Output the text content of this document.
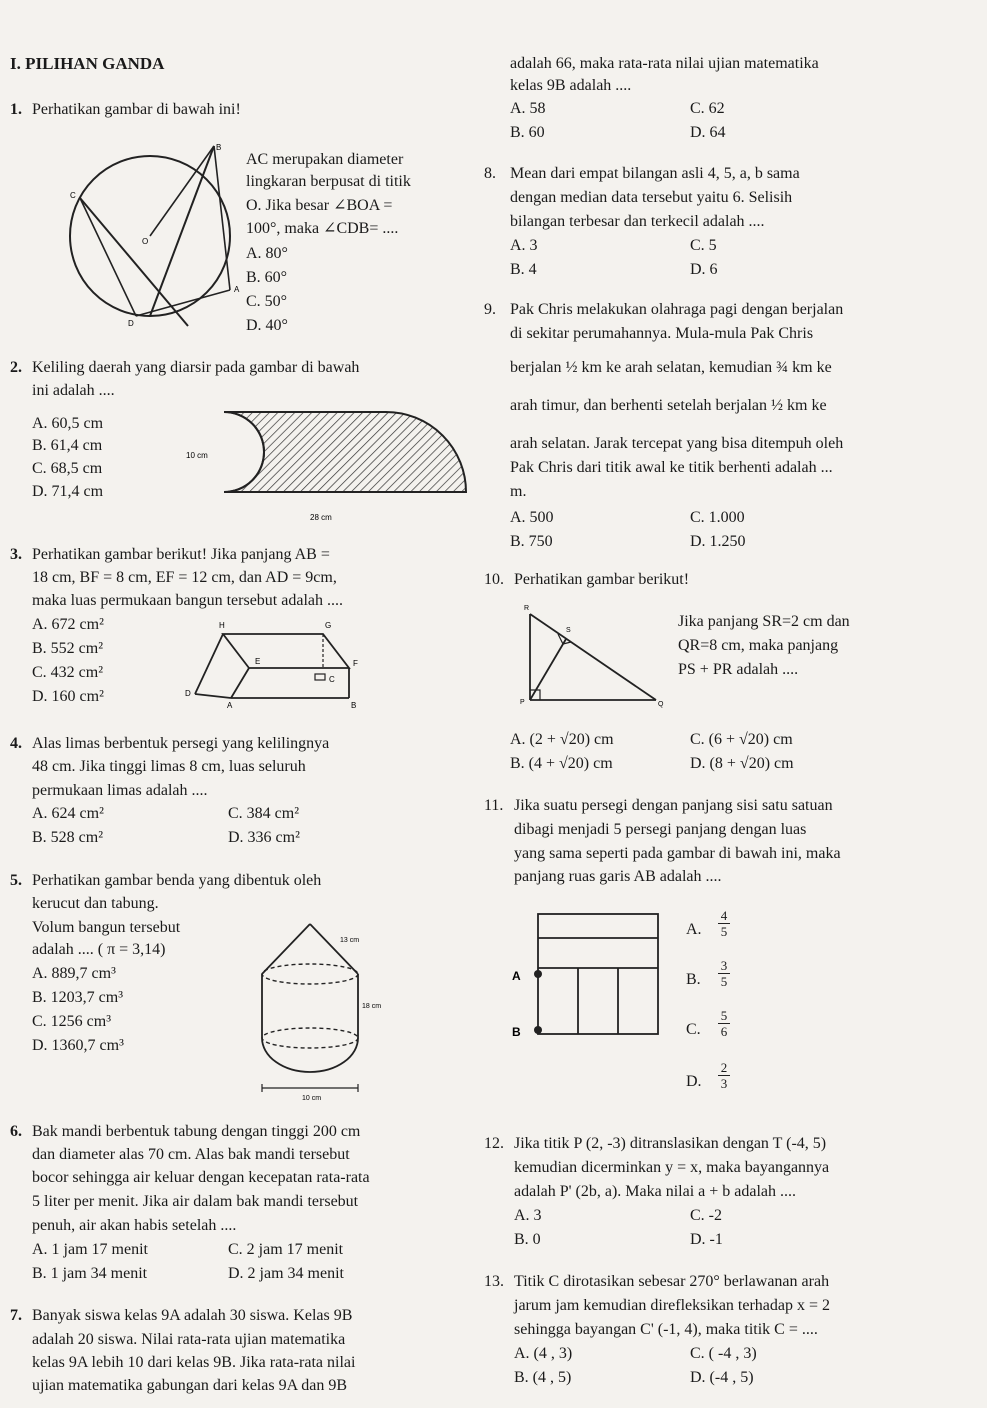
I. PILIHAN GANDA
1. Perhatikan gambar di bawah ini!
B
C
O
A
D
AC merupakan diameter
lingkaran berpusat di titik
O. Jika besar ∠BOA =
100°, maka ∠CDB= ....
A. 80°
B. 60°
C. 50°
D. 40°
2. Keliling daerah yang diarsir pada gambar di bawah
ini adalah ....
A. 60,5 cm
B. 61,4 cm
C. 68,5 cm
D. 71,4 cm
10 cm
28 cm
3. Perhatikan gambar berikut! Jika panjang AB =
18 cm, BF = 8 cm, EF = 12 cm, dan AD = 9cm,
maka luas permukaan bangun tersebut adalah ....
A. 672 cm²
B. 552 cm²
C. 432 cm²
D. 160 cm²
H	G
E	F
D
C
A	B
4. Alas limas berbentuk persegi yang kelilingnya
48 cm. Jika tinggi limas 8 cm, luas seluruh
permukaan limas adalah ....
A. 624 cm²	C. 384 cm²
B. 528 cm²	D. 336 cm²
5. Perhatikan gambar benda yang dibentuk oleh
kerucut dan tabung.
Volum bangun tersebut
adalah .... ( π = 3,14)
A. 889,7 cm³
B. 1203,7 cm³
C. 1256 cm³
D. 1360,7 cm³
13 cm
18 cm
10 cm
6. Bak mandi berbentuk tabung dengan tinggi 200 cm
dan diameter alas 70 cm. Alas bak mandi tersebut
bocor sehingga air keluar dengan kecepatan rata-rata
5 liter per menit. Jika air dalam bak mandi tersebut
penuh, air akan habis setelah ....
A. 1 jam 17 menit	C. 2 jam 17 menit
B. 1 jam 34 menit	D. 2 jam 34 menit
7. Banyak siswa kelas 9A adalah 30 siswa. Kelas 9B
adalah 20 siswa. Nilai rata-rata ujian matematika
kelas 9A lebih 10 dari kelas 9B. Jika rata-rata nilai
ujian matematika gabungan dari kelas 9A dan 9B
adalah 66, maka rata-rata nilai ujian matematika
kelas 9B adalah ....
A. 58	C. 62
B. 60	D. 64
8. Mean dari empat bilangan asli 4, 5, a, b sama
dengan median data tersebut yaitu 6. Selisih
bilangan terbesar dan terkecil adalah ....
A. 3	C. 5
B. 4	D. 6
9. Pak Chris melakukan olahraga pagi dengan berjalan
di sekitar perumahannya. Mula-mula Pak Chris
berjalan ½ km ke arah selatan, kemudian ¾ km ke
arah timur, dan berhenti setelah berjalan ½ km ke
arah selatan. Jarak tercepat yang bisa ditempuh oleh
Pak Chris dari titik awal ke titik berhenti adalah ...
m.
A. 500	C. 1.000
B. 750	D. 1.250
10. Perhatikan gambar berikut!
R
S
P	Q
Jika panjang SR=2 cm dan
QR=8 cm, maka panjang
PS + PR adalah ....
A. (2 + √20) cm	C. (6 + √20) cm
B. (4 + √20) cm	D. (8 + √20) cm
11. Jika suatu persegi dengan panjang sisi satu satuan
dibagi menjadi 5 persegi panjang dengan luas
yang sama seperti pada gambar di bawah ini, maka
panjang ruas garis AB adalah ....
A
B
A. $\frac{4}{5}$
B. $\frac{3}{5}$
C. $\frac{5}{6}$
D. $\frac{2}{3}$
12. Jika titik P (2, -3) ditranslasikan dengan T (-4, 5)
kemudian dicerminkan y = x, maka bayangannya
adalah P' (2b, a). Maka nilai a + b adalah ....
A. 3	C. -2
B. 0	D. -1
13. Titik C dirotasikan sebesar 270° berlawanan arah
jarum jam kemudian direfleksikan terhadap x = 2
sehingga bayangan C' (-1, 4), maka titik C = ....
A. (4 , 3)	C. ( -4 , 3)
B. (4 , 5)	D. (-4 , 5)
